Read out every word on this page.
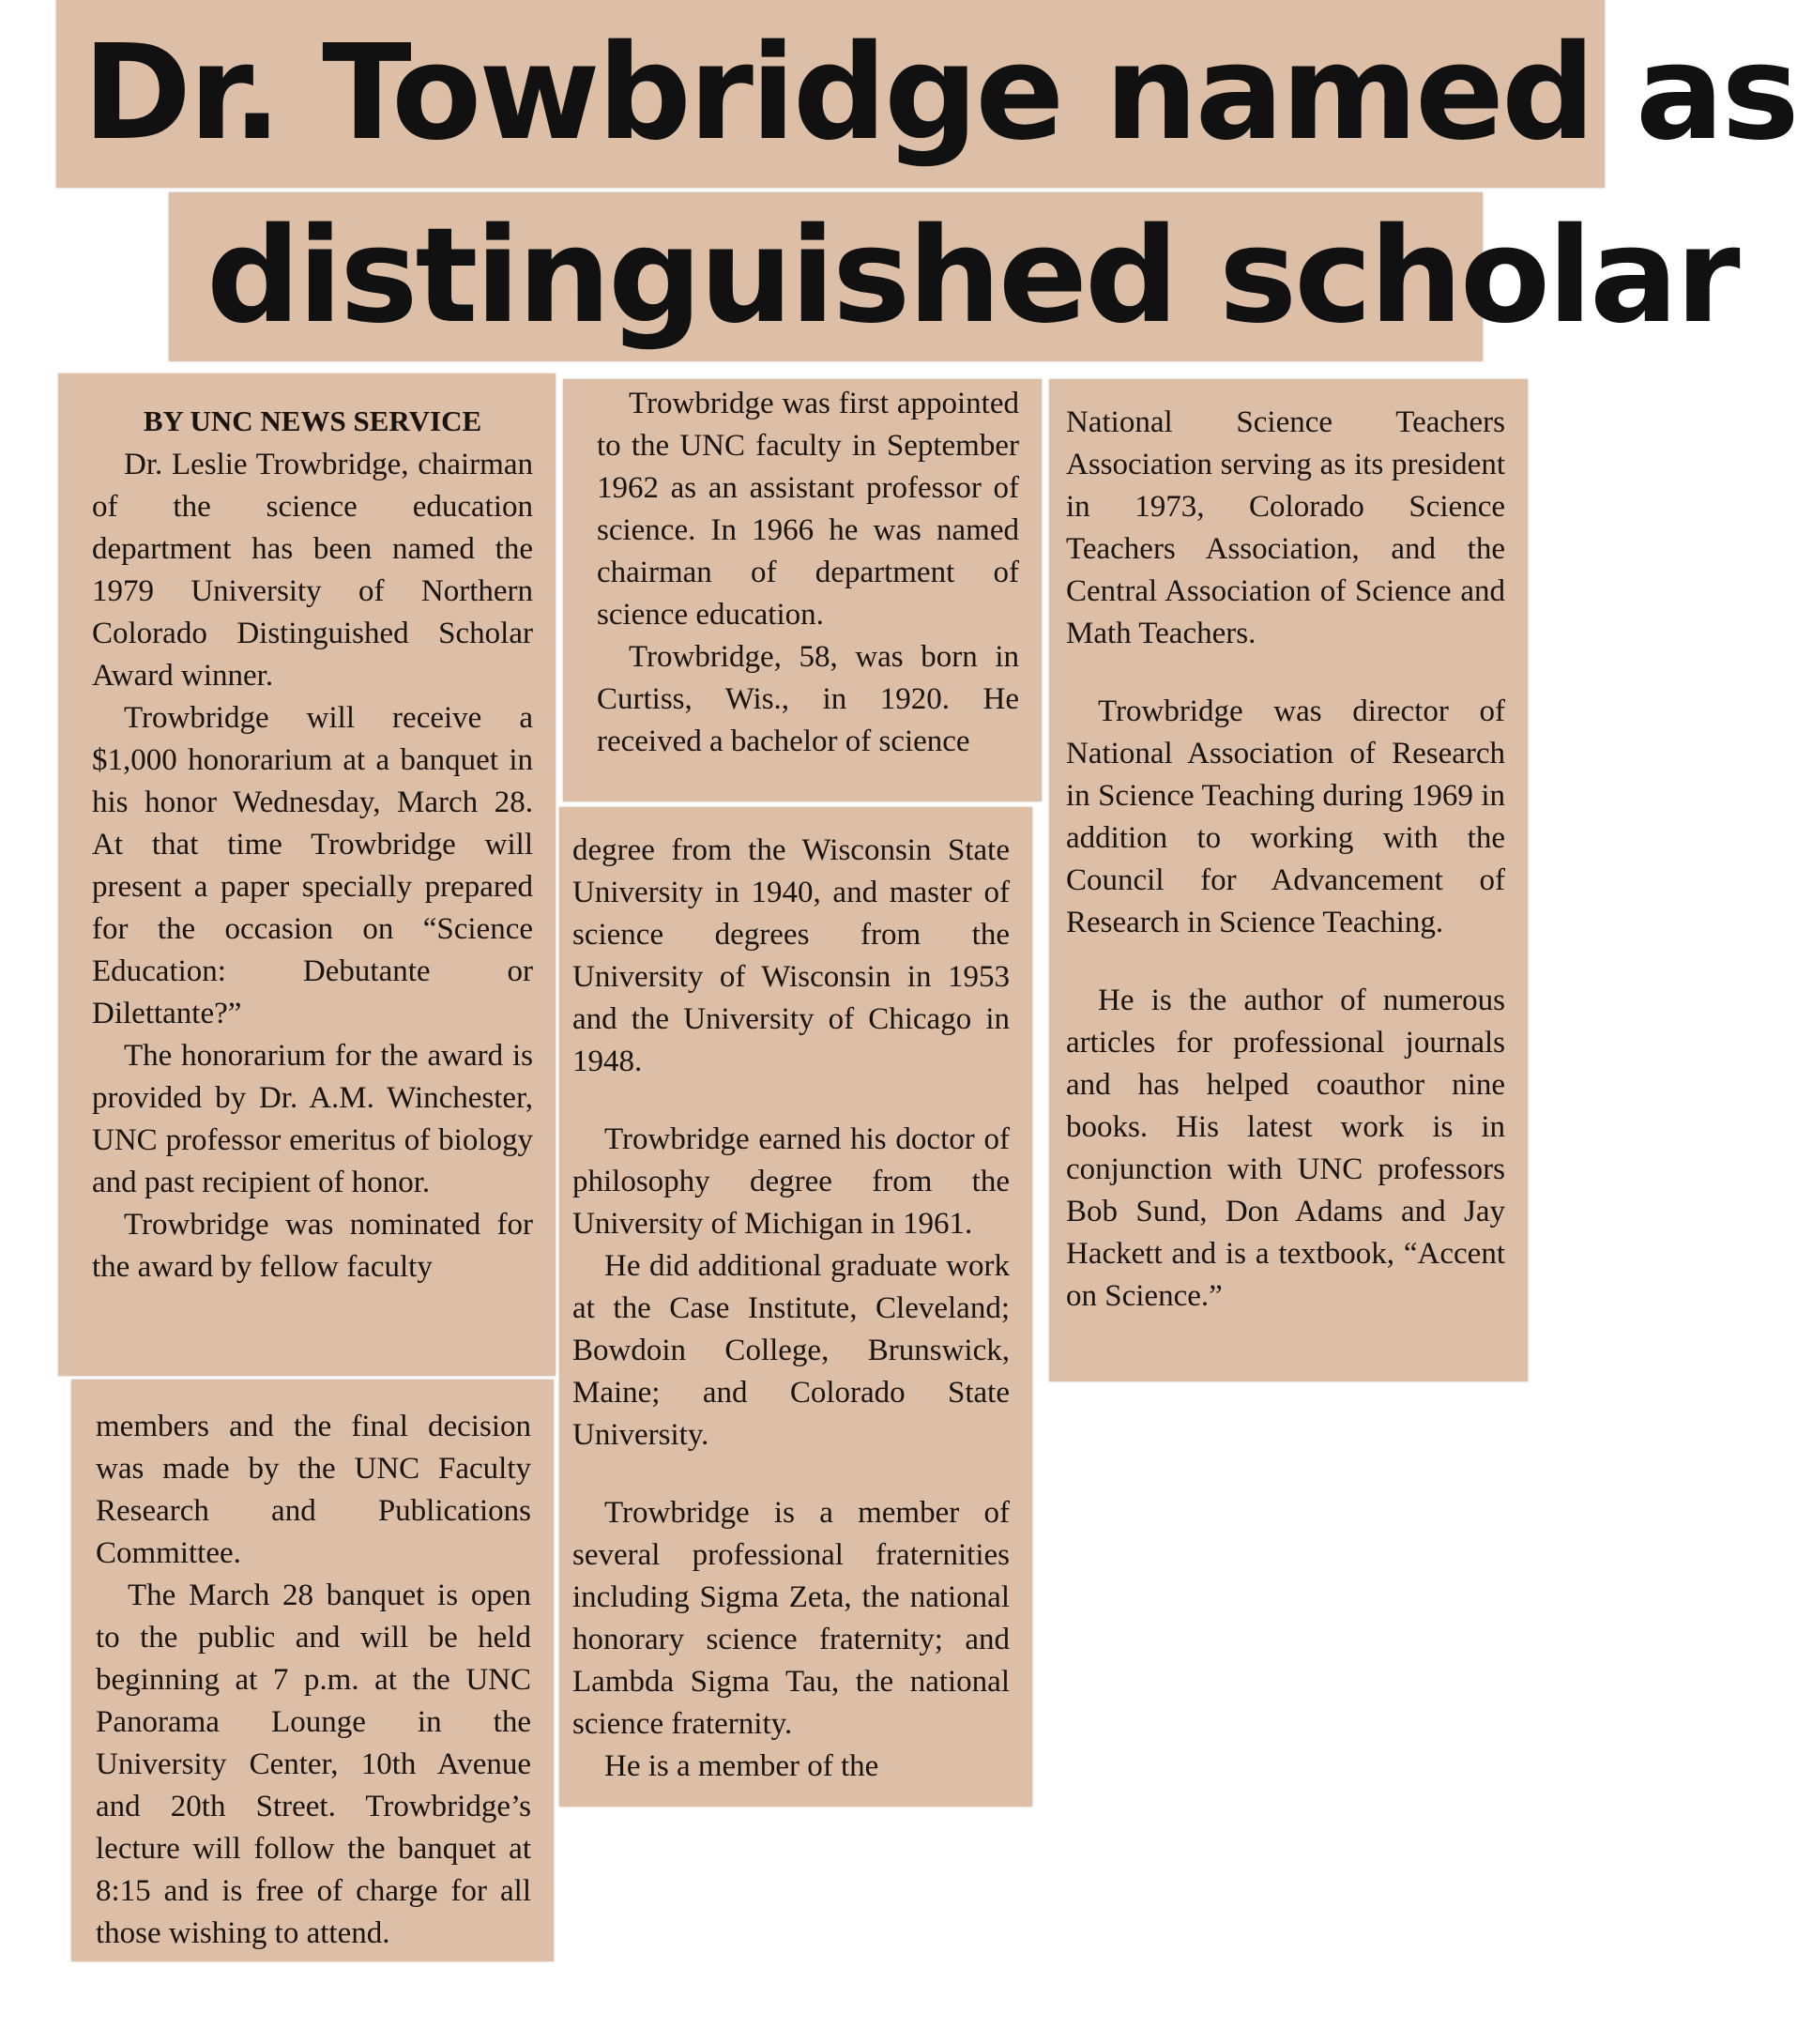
Dr. Towbridge named as
distinguished scholar
BY UNC NEWS SERVICE

Dr. Leslie Trowbridge, chairman of the science education department has been named the 1979 University of Northern Colorado Distinguished Scholar Award winner.

Trowbridge will receive a $1,000 honorarium at a banquet in his honor Wednesday, March 28. At that time Trowbridge will present a paper specially prepared for the occasion on “Science Education: Debutante or Dilettante?”

The honorarium for the award is provided by Dr. A.M. Winchester, UNC professor emeritus of biology and past recipient of honor.

Trowbridge was nominated for the award by fellow faculty

members and the final decision was made by the UNC Faculty Research and Publications Committee.

The March 28 banquet is open to the public and will be held beginning at 7 p.m. at the UNC Panorama Lounge in the University Center, 10th Avenue and 20th Street. Trowbridge’s lecture will follow the banquet at 8:15 and is free of charge for all those wishing to attend.

Trowbridge was first appointed to the UNC faculty in September 1962 as an assistant professor of science. In 1966 he was named chairman of department of science education.

Trowbridge, 58, was born in Curtiss, Wis., in 1920. He received a bachelor of science

degree from the Wisconsin State University in 1940, and master of science degrees from the University of Wisconsin in 1953 and the University of Chicago in 1948.

Trowbridge earned his doctor of philosophy degree from the University of Michigan in 1961.

He did additional graduate work at the Case Institute, Cleveland; Bowdoin College, Brunswick, Maine; and Colorado State University.

Trowbridge is a member of several professional fraternities including Sigma Zeta, the national honorary science fraternity; and Lambda Sigma Tau, the national science fraternity.

He is a member of the

National Science Teachers Association serving as its president in 1973, Colorado Science Teachers Association, and the Central Association of Science and Math Teachers.

Trowbridge was director of National Association of Research in Science Teaching during 1969 in addition to working with the Council for Advancement of Research in Science Teaching.

He is the author of numerous articles for professional journals and has helped coauthor nine books. His latest work is in conjunction with UNC professors Bob Sund, Don Adams and Jay Hackett and is a textbook, “Accent on Science.”
